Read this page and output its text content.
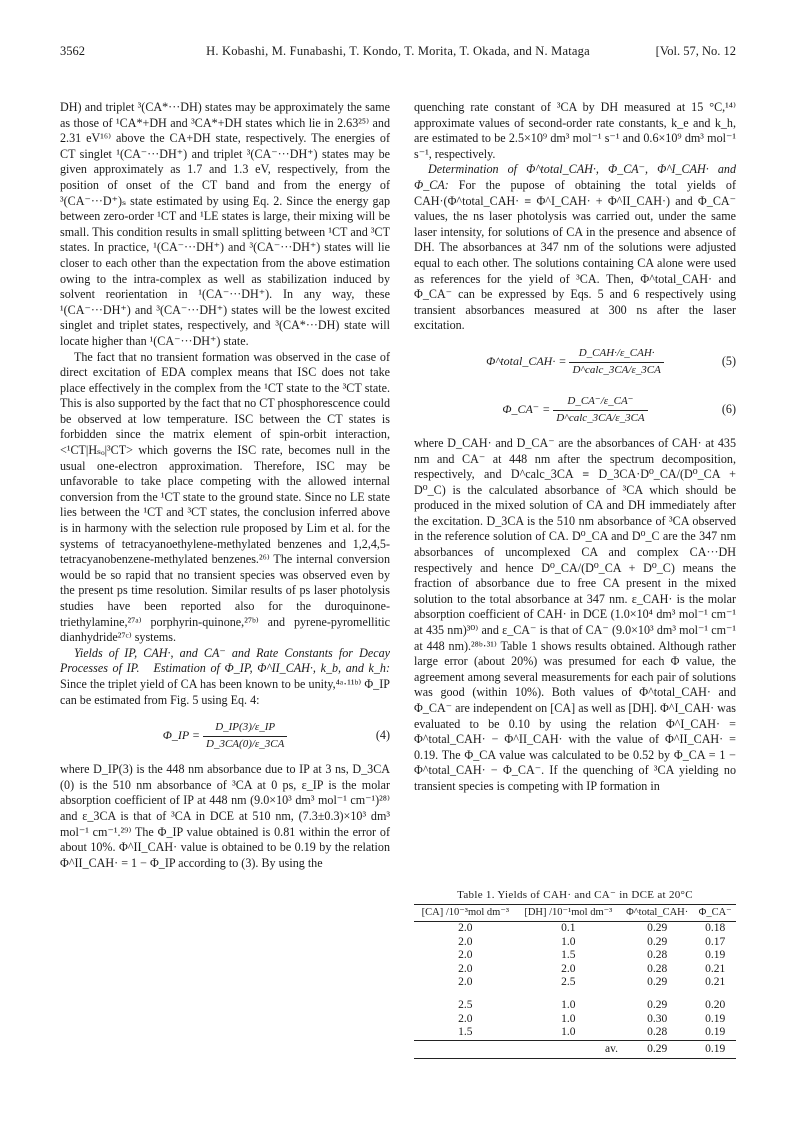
3562	H. Kobashi, M. Funabashi, T. Kondo, T. Morita, T. Okada, and N. Mataga	[Vol. 57, No. 12

DH) and triplet ³(CA*···DH) states may be approximately the same as those of ¹CA*+DH and ³CA*+DH states which lie in 2.63²⁵⁾ and 2.31 eV¹⁶⁾ above the CA+DH state, respectively. The energies of CT singlet ¹(CA⁻···DH⁺) and triplet ³(CA⁻···DH⁺) states may be given approximately as 1.7 and 1.3 eV, respectively, from the position of onset of the CT band and from the energy of ³(CA⁻···D⁺)ₛ state estimated by using Eq. 2. Since the energy gap between zero-order ¹CT and ¹LE states is large, their mixing will be small. This condition results in small splitting between ¹CT and ³CT states. In practice, ¹(CA⁻···DH⁺) and ³(CA⁻···DH⁺) states will lie closer to each other than the expectation from the above estimation owing to the intra-complex as well as stabilization induced by solvent reorientation in ¹(CA⁻···DH⁺). In any way, these ¹(CA⁻···DH⁺) and ³(CA⁻···DH⁺) states will be the lowest excited singlet and triplet states, respectively, and ³(CA*···DH) state will locate higher than ¹(CA⁻···DH⁺) state.

The fact that no transient formation was observed in the case of direct excitation of EDA complex means that ISC does not take place effectively in the complex from the ¹CT state to the ³CT state. This is also supported by the fact that no CT phosphorescence could be observed at low temperature. ISC between the CT states is forbidden since the matrix element of spin-orbit interaction, <¹CT|Hₛₒ|³CT> which governs the ISC rate, becomes null in the usual one-electron approximation. Therefore, ISC may be unfavorable to take place competing with the allowed internal conversion from the ¹CT state to the ground state. Since no LE state lies between the ¹CT and ³CT states, the conclusion inferred above is in harmony with the selection rule proposed by Lim et al. for the systems of tetracyanoethylene-methylated benzenes and 1,2,4,5-tetracyanobenzene-methylated benzenes.²⁶⁾ The internal conversion would be so rapid that no transient species was observed even by the present ps time resolution. Similar results of ps laser photolysis studies have been reported also for the duroquinone-triethylamine,²⁷ᵃ⁾ porphyrin-quinone,²⁷ᵇ⁾ and pyrene-pyromellitic dianhydride²⁷ᶜ⁾ systems.

Yields of IP, CAH·, and CA⁻ and Rate Constants for Decay Processes of IP. Estimation of Φ_IP, Φ^II_CAH·, k_b, and k_h: Since the triplet yield of CA has been known to be unity,⁴ᵃ·¹¹ᵇ⁾ Φ_IP can be estimated from Fig. 5 using Eq. 4:

Φ_IP = $\frac{D\_IP(3)/\varepsilon\_IP}{D\_3CA(0)/\varepsilon\_3CA}$	(4)

where D_IP(3) is the 448 nm absorbance due to IP at 3 ns, D_3CA (0) is the 510 nm absorbance of ³CA at 0 ps, ε_IP is the molar absorption coefficient of IP at 448 nm (9.0×10³ dm³ mol⁻¹ cm⁻¹)²⁸⁾ and ε_3CA is that of ³CA in DCE at 510 nm, (7.3±0.3)×10³ dm³ mol⁻¹ cm⁻¹.²⁹⁾ The Φ_IP value obtained is 0.81 within the error of about 10%. Φ^II_CAH· value is obtained to be 0.19 by the relation Φ^II_CAH· = 1 − Φ_IP according to (3). By using the

quenching rate constant of ³CA by DH measured at 15 °C,¹⁴⁾ approximate values of second-order rate constants, k_e and k_h, are estimated to be 2.5×10⁹ dm³ mol⁻¹ s⁻¹ and 0.6×10⁹ dm³ mol⁻¹ s⁻¹, respectively.

Determination of Φ^total_CAH·, Φ_CA⁻, Φ^I_CAH· and Φ_CA: For the pupose of obtaining the total yields of CAH·(Φ^total_CAH· ≡ Φ^I_CAH· + Φ^II_CAH·) and Φ_CA⁻ values, the ns laser photolysis was carried out, under the same laser intensity, for solutions of CA in the presence and absence of DH. The absorbances at 347 nm of the solutions were adjusted equal to each other. The solutions containing CA alone were used as references for the yield of ³CA. Then, Φ^total_CAH· and Φ_CA⁻ can be expressed by Eqs. 5 and 6 respectively using transient absorbances measured at 300 ns after the laser excitation.

Φ^total_CAH· = $\frac{\text{D\_CAH·/ε\_CAH·}}{\text{D\textasciicircum{}calc\_3CA/ε\_3CA}}$	(5)
Φ_CA⁻ = $\frac{D\_CA^-/\varepsilon\_CA^-}{\text{D\textasciicircum{}calc\_3CA/ε\_3CA}}$	(6)

where D_CAH· and D_CA⁻ are the absorbances of CAH· at 435 nm and CA⁻ at 448 nm after the spectrum decomposition, respectively, and D^calc_3CA ≡ D_3CA·D⁰_CA/(D⁰_CA + D⁰_C) is the calculated absorbance of ³CA which should be produced in the mixed solution of CA and DH immediately after the excitation. D_3CA is the 510 nm absorbance of ³CA observed in the reference solution of CA. D⁰_CA and D⁰_C are the 347 nm absorbances of uncomplexed CA and complex CA···DH respectively and hence D⁰_CA/(D⁰_CA + D⁰_C) means the fraction of absorbance due to free CA present in the mixed solution to the total absorbance at 347 nm. ε_CAH· is the molar absorption coefficient of CAH· in DCE (1.0×10⁴ dm³ mol⁻¹ cm⁻¹ at 435 nm)³⁰⁾ and ε_CA⁻ is that of CA⁻ (9.0×10³ dm³ mol⁻¹ cm⁻¹ at 448 nm).²⁸ᵇ·³¹⁾ Table 1 shows results obtained. Although rather large error (about 20%) was presumed for each Φ value, the agreement among several measurements for each pair of solutions was good (within 10%). Both values of Φ^total_CAH· and Φ_CA⁻ are independent on [CA] as well as [DH]. Φ^I_CAH· was evaluated to be 0.10 by using the relation Φ^I_CAH· = Φ^total_CAH· − Φ^II_CAH· with the value of Φ^II_CAH· = 0.19. The Φ_CA value was calculated to be 0.52 by Φ_CA = 1 − Φ^total_CAH· − Φ_CA⁻. If the quenching of ³CA yielding no transient species is competing with IP formation in

Table 1. Yields of CAH· and CA⁻ in DCE at 20°C
[CA] /10⁻³mol dm⁻³	[DH] /10⁻¹mol dm⁻³	Φ^total_CAH·	Φ_CA⁻
2.0	0.1	0.29	0.18
2.0	1.0	0.29	0.17
2.0	1.5	0.28	0.19
2.0	2.0	0.28	0.21
2.0	2.5	0.29	0.21
2.5	1.0	0.29	0.20
2.0	1.0	0.30	0.19
1.5	1.0	0.28	0.19
	av.	0.29	0.19
